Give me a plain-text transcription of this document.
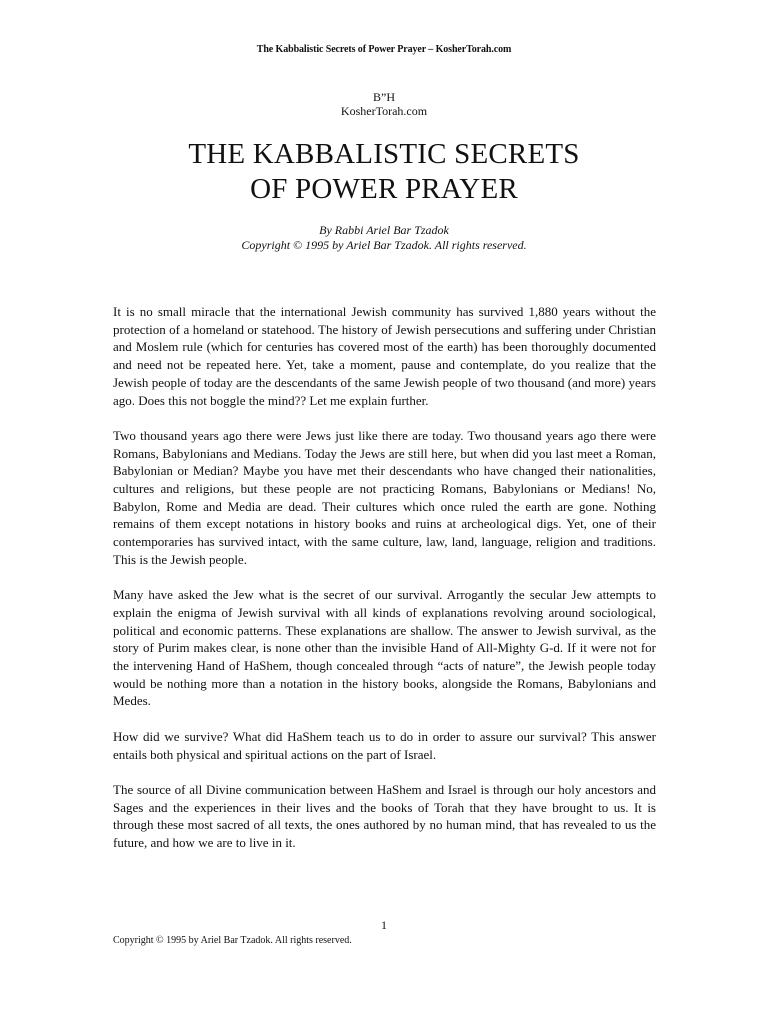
The Kabbalistic Secrets of Power Prayer – KosherTorah.com
B”H
KosherTorah.com
THE KABBALISTIC SECRETS
OF POWER PRAYER
By Rabbi Ariel Bar Tzadok
Copyright © 1995 by Ariel Bar Tzadok. All rights reserved.

It is no small miracle that the international Jewish community has survived 1,880 years without the protection of a homeland or statehood. The history of Jewish persecutions and suffering under Christian and Moslem rule (which for centuries has covered most of the earth) has been thoroughly documented and need not be repeated here. Yet, take a moment, pause and contemplate, do you realize that the Jewish people of today are the descendants of the same Jewish people of two thousand (and more) years ago. Does this not boggle the mind?? Let me explain further.

Two thousand years ago there were Jews just like there are today. Two thousand years ago there were Romans, Babylonians and Medians. Today the Jews are still here, but when did you last meet a Roman, Babylonian or Median? Maybe you have met their descendants who have changed their nationalities, cultures and religions, but these people are not practicing Romans, Babylonians or Medians! No, Babylon, Rome and Media are dead. Their cultures which once ruled the earth are gone. Nothing remains of them except notations in history books and ruins at archeological digs. Yet, one of their contemporaries has survived intact, with the same culture, law, land, language, religion and traditions. This is the Jewish people.

Many have asked the Jew what is the secret of our survival. Arrogantly the secular Jew attempts to explain the enigma of Jewish survival with all kinds of explanations revolving around sociological, political and economic patterns. These explanations are shallow. The answer to Jewish survival, as the story of Purim makes clear, is none other than the invisible Hand of All-Mighty G-d. If it were not for the intervening Hand of HaShem, though concealed through “acts of nature”, the Jewish people today would be nothing more than a notation in the history books, alongside the Romans, Babylonians and Medes.

How did we survive? What did HaShem teach us to do in order to assure our survival? This answer entails both physical and spiritual actions on the part of Israel.

The source of all Divine communication between HaShem and Israel is through our holy ancestors and Sages and the experiences in their lives and the books of Torah that they have brought to us. It is through these most sacred of all texts, the ones authored by no human mind, that has revealed to us the future, and how we are to live in it.

1
Copyright © 1995 by Ariel Bar Tzadok. All rights reserved.
